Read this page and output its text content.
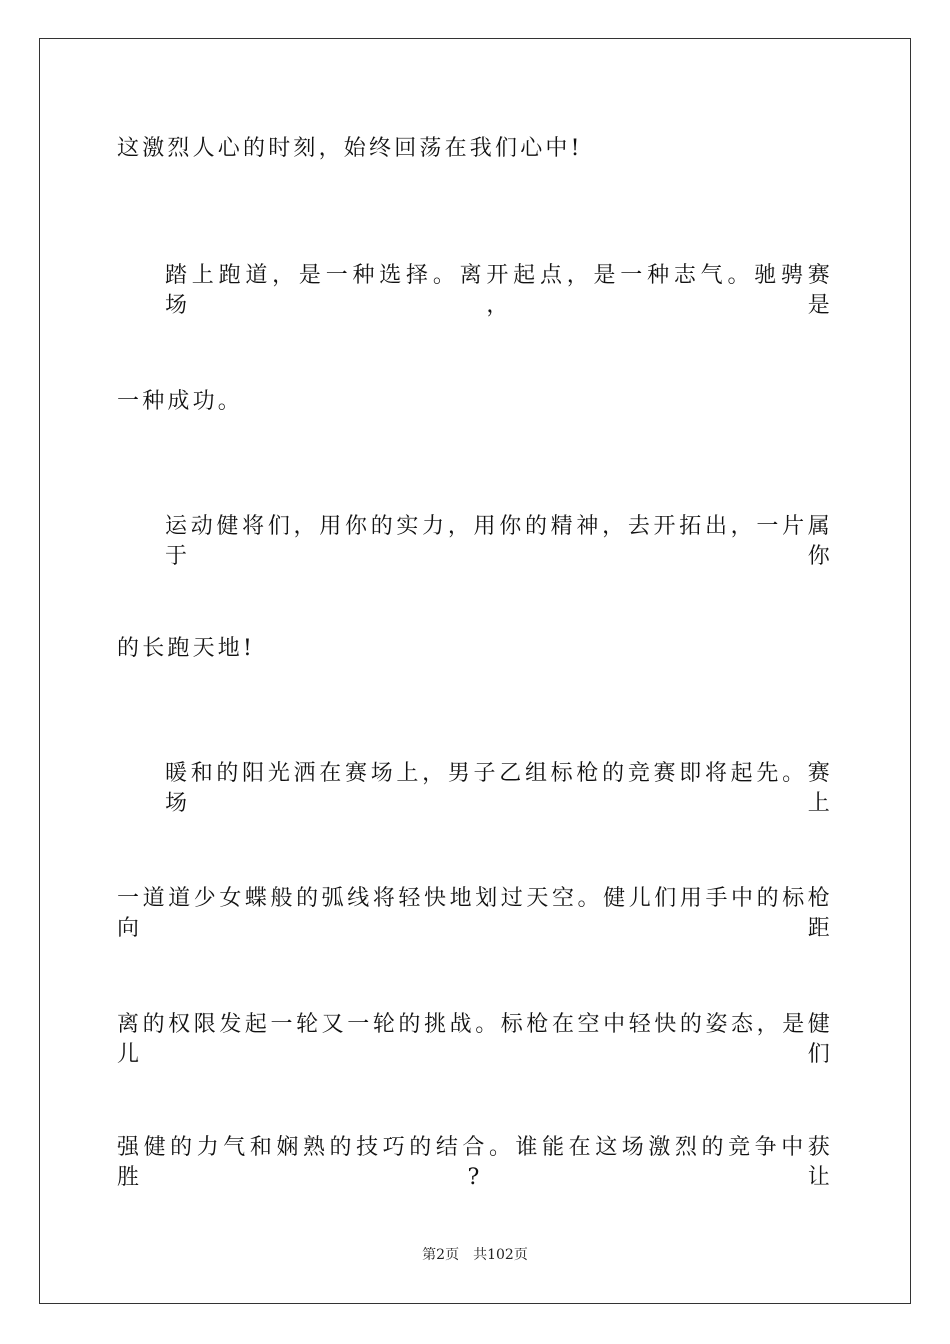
这激烈人心的时刻，始终回荡在我们心中!
踏上跑道，是一种选择。离开起点，是一种志气。驰骋赛场，是
一种成功。
运动健将们，用你的实力，用你的精神，去开拓出，一片属于你
的长跑天地!
暖和的阳光洒在赛场上，男子乙组标枪的竞赛即将起先。赛场上
一道道少女蝶般的弧线将轻快地划过天空。健儿们用手中的标枪向距
离的权限发起一轮又一轮的挑战。标枪在空中轻快的姿态，是健儿们
强健的力气和娴熟的技巧的结合。谁能在这场激烈的竞争中获胜?让
第2页 共102页
